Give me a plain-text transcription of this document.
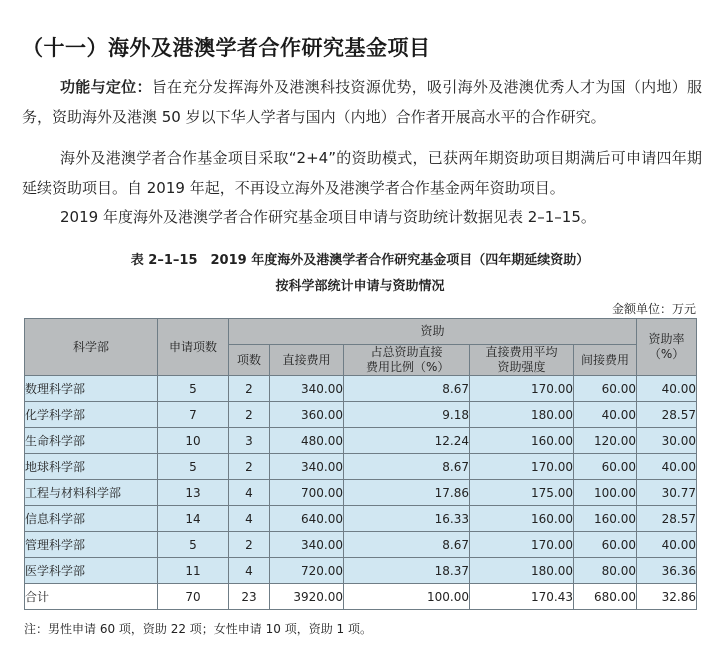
（十一）海外及港澳学者合作研究基金项目
功能与定位：旨在充分发挥海外及港澳科技资源优势，吸引海外及港澳优秀人才为国（内地）服务，资助海外及港澳 50 岁以下华人学者与国内（内地）合作者开展高水平的合作研究。
海外及港澳学者合作基金项目采取“2+4”的资助模式，已获两年期资助项目期满后可申请四年期延续资助项目。自 2019 年起，不再设立海外及港澳学者合作基金两年资助项目。
2019 年度海外及港澳学者合作研究基金项目申请与资助统计数据见表 2–1–15。
表 2–1–15　2019 年度海外及港澳学者合作研究基金项目（四年期延续资助）
按科学部统计申请与资助情况
金额单位：万元
科学部	申请项数	资助					资助率（%）
		项数	直接费用	占总资助直接费用比例（%）	直接费用平均资助强度	间接费用	
数理科学部	5	2	340.00	8.67	170.00	60.00	40.00
化学科学部	7	2	360.00	9.18	180.00	40.00	28.57
生命科学部	10	3	480.00	12.24	160.00	120.00	30.00
地球科学部	5	2	340.00	8.67	170.00	60.00	40.00
工程与材料科学部	13	4	700.00	17.86	175.00	100.00	30.77
信息科学部	14	4	640.00	16.33	160.00	160.00	28.57
管理科学部	5	2	340.00	8.67	170.00	60.00	40.00
医学科学部	11	4	720.00	18.37	180.00	80.00	36.36
合计	70	23	3920.00	100.00	170.43	680.00	32.86
注：男性申请 60 项，资助 22 项；女性申请 10 项，资助 1 项。
